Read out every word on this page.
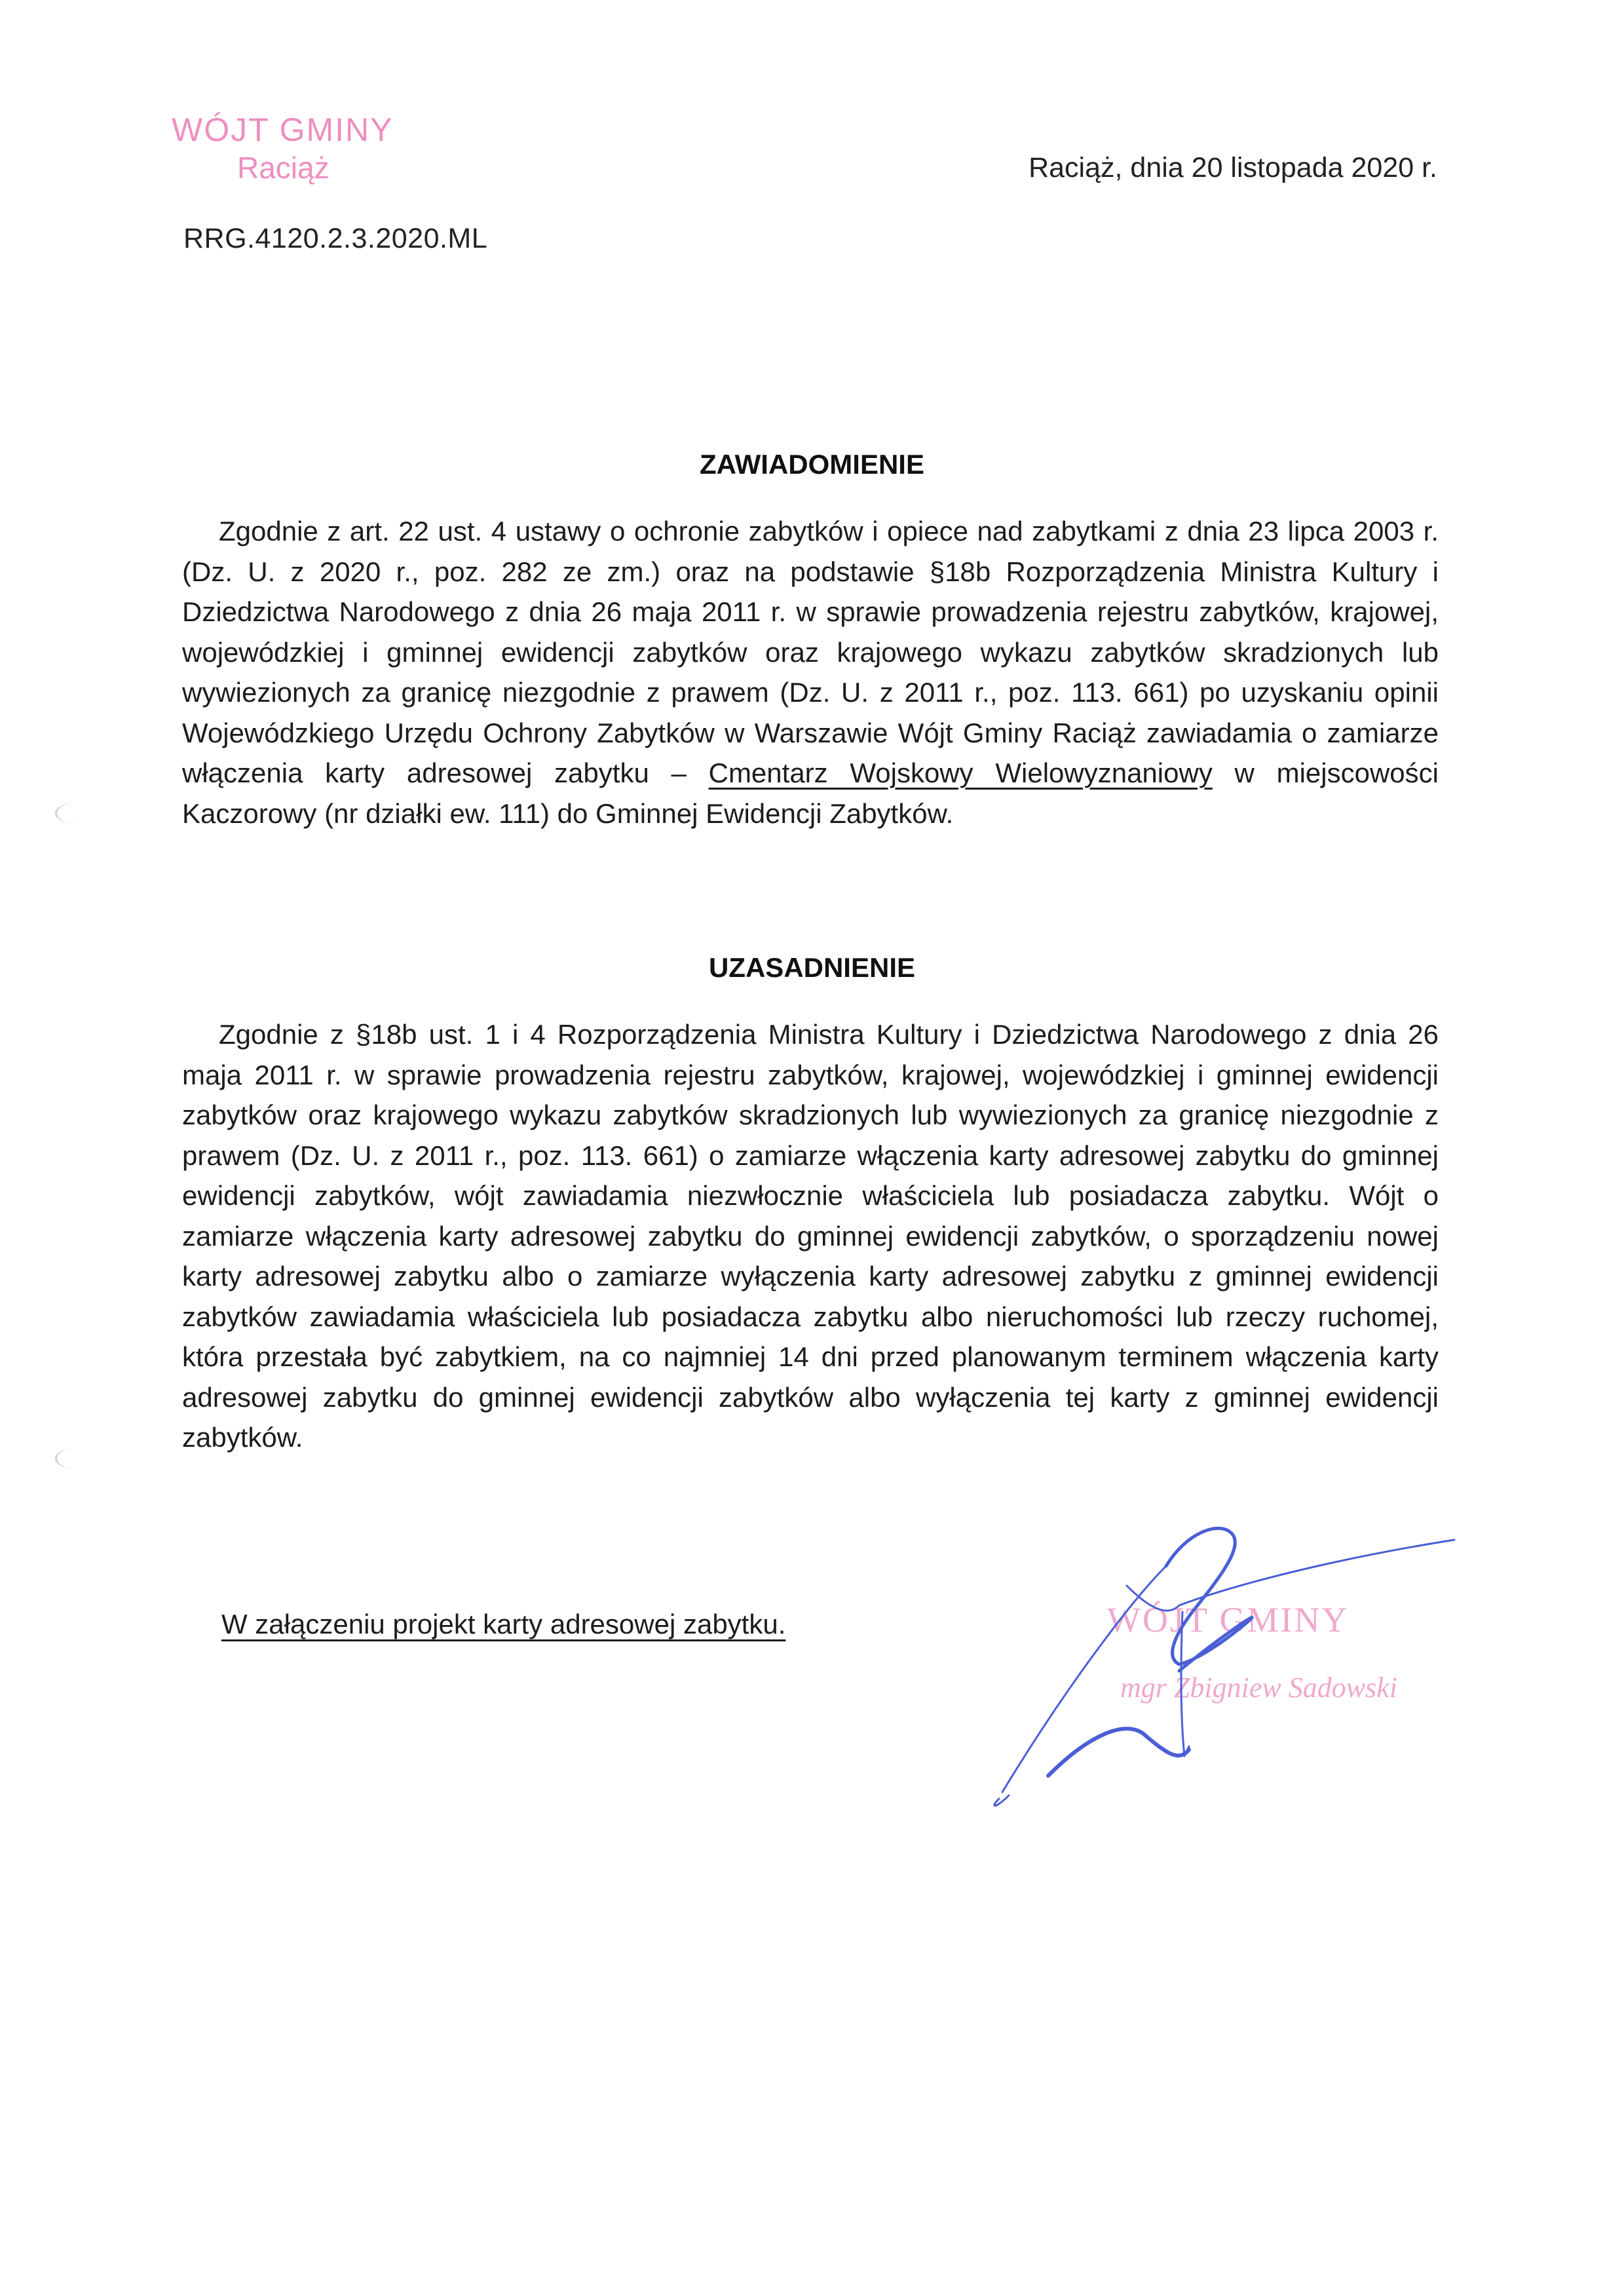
WÓJT GMINY
Raciąż	Raciąż, dnia 20 listopada 2020 r.
RRG.4120.2.3.2020.ML
ZAWIADOMIENIE
Zgodnie z art. 22 ust. 4 ustawy o ochronie zabytków i opiece nad zabytkami z dnia 23 lipca 2003 r. (Dz. U. z 2020 r., poz. 282 ze zm.) oraz na podstawie §18b Rozporządzenia Ministra Kultury i Dziedzictwa Narodowego z dnia 26 maja 2011 r. w sprawie prowadzenia rejestru zabytków, krajowej, wojewódzkiej i gminnej ewidencji zabytków oraz krajowego wykazu zabytków skradzionych lub wywiezionych za granicę niezgodnie z prawem (Dz. U. z 2011 r., poz. 113. 661) po uzyskaniu opinii Wojewódzkiego Urzędu Ochrony Zabytków w Warszawie Wójt Gminy Raciąż zawiadamia o zamiarze włączenia karty adresowej zabytku – Cmentarz Wojskowy Wielowyznaniowy w miejscowości Kaczorowy (nr działki ew. 111) do Gminnej Ewidencji Zabytków.
UZASADNIENIE
Zgodnie z §18b ust. 1 i 4 Rozporządzenia Ministra Kultury i Dziedzictwa Narodowego z dnia 26 maja 2011 r. w sprawie prowadzenia rejestru zabytków, krajowej, wojewódzkiej i gminnej ewidencji zabytków oraz krajowego wykazu zabytków skradzionych lub wywiezionych za granicę niezgodnie z prawem (Dz. U. z 2011 r., poz. 113. 661) o zamiarze włączenia karty adresowej zabytku do gminnej ewidencji zabytków, wójt zawiadamia niezwłocznie właściciela lub posiadacza zabytku. Wójt o zamiarze włączenia karty adresowej zabytku do gminnej ewidencji zabytków, o sporządzeniu nowej karty adresowej zabytku albo o zamiarze wyłączenia karty adresowej zabytku z gminnej ewidencji zabytków zawiadamia właściciela lub posiadacza zabytku albo nieruchomości lub rzeczy ruchomej, która przestała być zabytkiem, na co najmniej 14 dni przed planowanym terminem włączenia karty adresowej zabytku do gminnej ewidencji zabytków albo wyłączenia tej karty z gminnej ewidencji zabytków.
W załączeniu projekt karty adresowej zabytku.	WÓJT GMINY
mgr Zbigniew Sadowski
